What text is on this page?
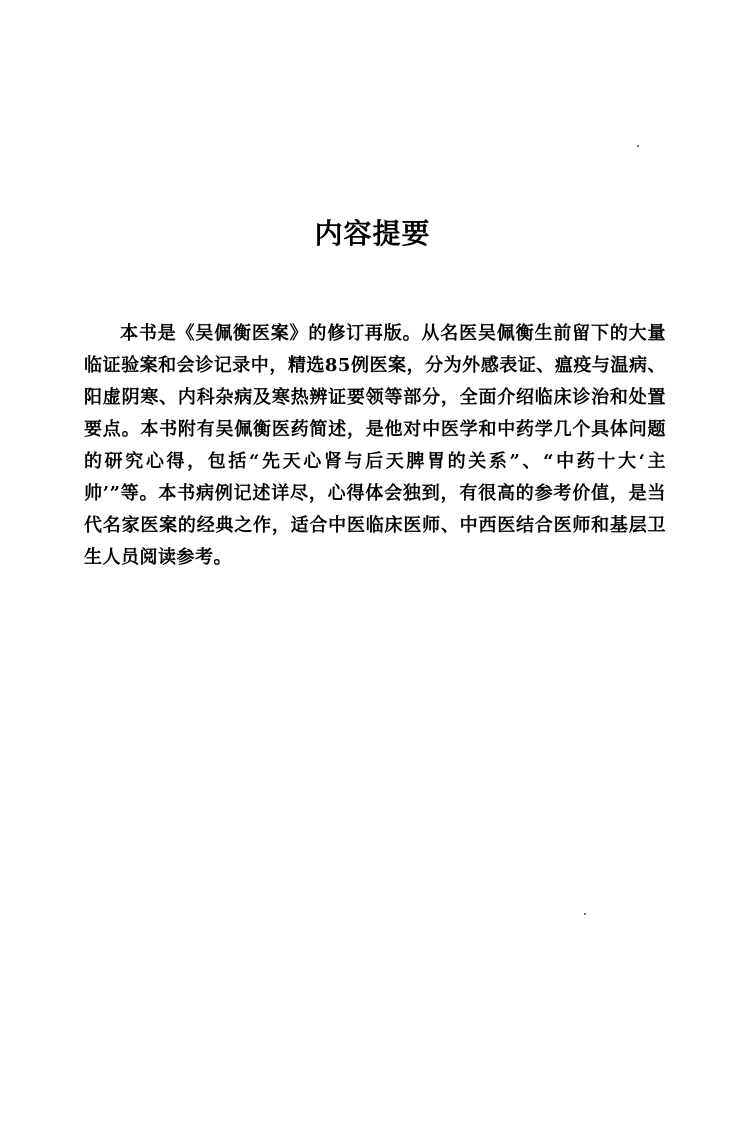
内容提要

本书是《吴佩衡医案》的修订再版。从名医吴佩衡生前留下的大量临证验案和会诊记录中，精选85例医案，分为外感表证、瘟疫与温病、阳虚阴寒、内科杂病及寒热辨证要领等部分，全面介绍临床诊治和处置要点。本书附有吴佩衡医药简述，是他对中医学和中药学几个具体问题的研究心得，包括“先天心肾与后天脾胃的关系”、“中药十大‘主帅’”等。本书病例记述详尽，心得体会独到，有很高的参考价值，是当代名家医案的经典之作，适合中医临床医师、中西医结合医师和基层卫生人员阅读参考。
